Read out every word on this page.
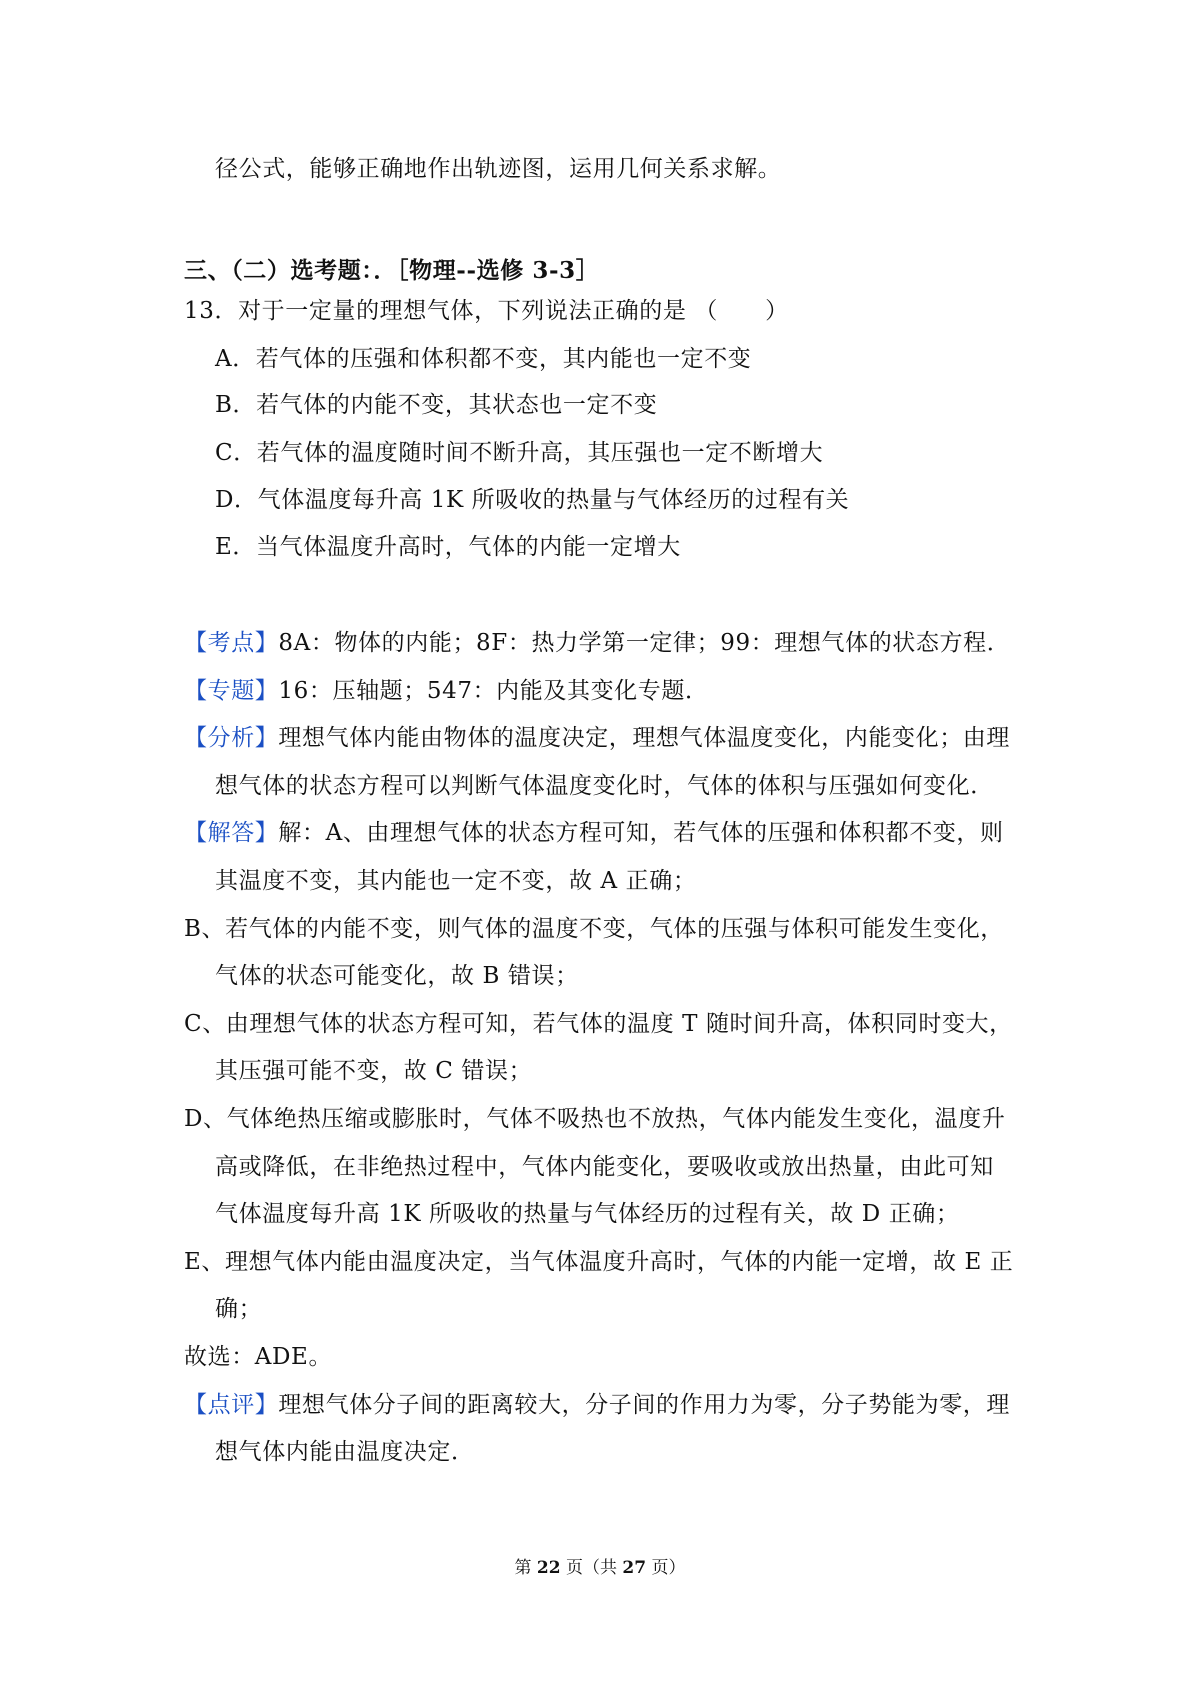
径公式，能够正确地作出轨迹图，运用几何关系求解。
三、（二）选考题：．［物理--选修 3-3］
13．对于一定量的理想气体，下列说法正确的是 （　　）
A．若气体的压强和体积都不变，其内能也一定不变
B．若气体的内能不变，其状态也一定不变
C．若气体的温度随时间不断升高，其压强也一定不断增大
D．气体温度每升高 1K 所吸收的热量与气体经历的过程有关
E．当气体温度升高时，气体的内能一定增大
【考点】8A：物体的内能；8F：热力学第一定律；99：理想气体的状态方程．
【专题】16：压轴题；547：内能及其变化专题．
【分析】理想气体内能由物体的温度决定，理想气体温度变化，内能变化；由理
想气体的状态方程可以判断气体温度变化时，气体的体积与压强如何变化．
【解答】解：A、由理想气体的状态方程可知，若气体的压强和体积都不变，则
其温度不变，其内能也一定不变，故 A 正确；
B、若气体的内能不变，则气体的温度不变，气体的压强与体积可能发生变化，
气体的状态可能变化，故 B 错误；
C、由理想气体的状态方程可知，若气体的温度 T 随时间升高，体积同时变大，
其压强可能不变，故 C 错误；
D、气体绝热压缩或膨胀时，气体不吸热也不放热，气体内能发生变化，温度升
高或降低，在非绝热过程中，气体内能变化，要吸收或放出热量，由此可知
气体温度每升高 1K 所吸收的热量与气体经历的过程有关，故 D 正确；
E、理想气体内能由温度决定，当气体温度升高时，气体的内能一定增，故 E 正
确；
故选：ADE。
【点评】理想气体分子间的距离较大，分子间的作用力为零，分子势能为零，理
想气体内能由温度决定．
第 22 页（共 27 页）
